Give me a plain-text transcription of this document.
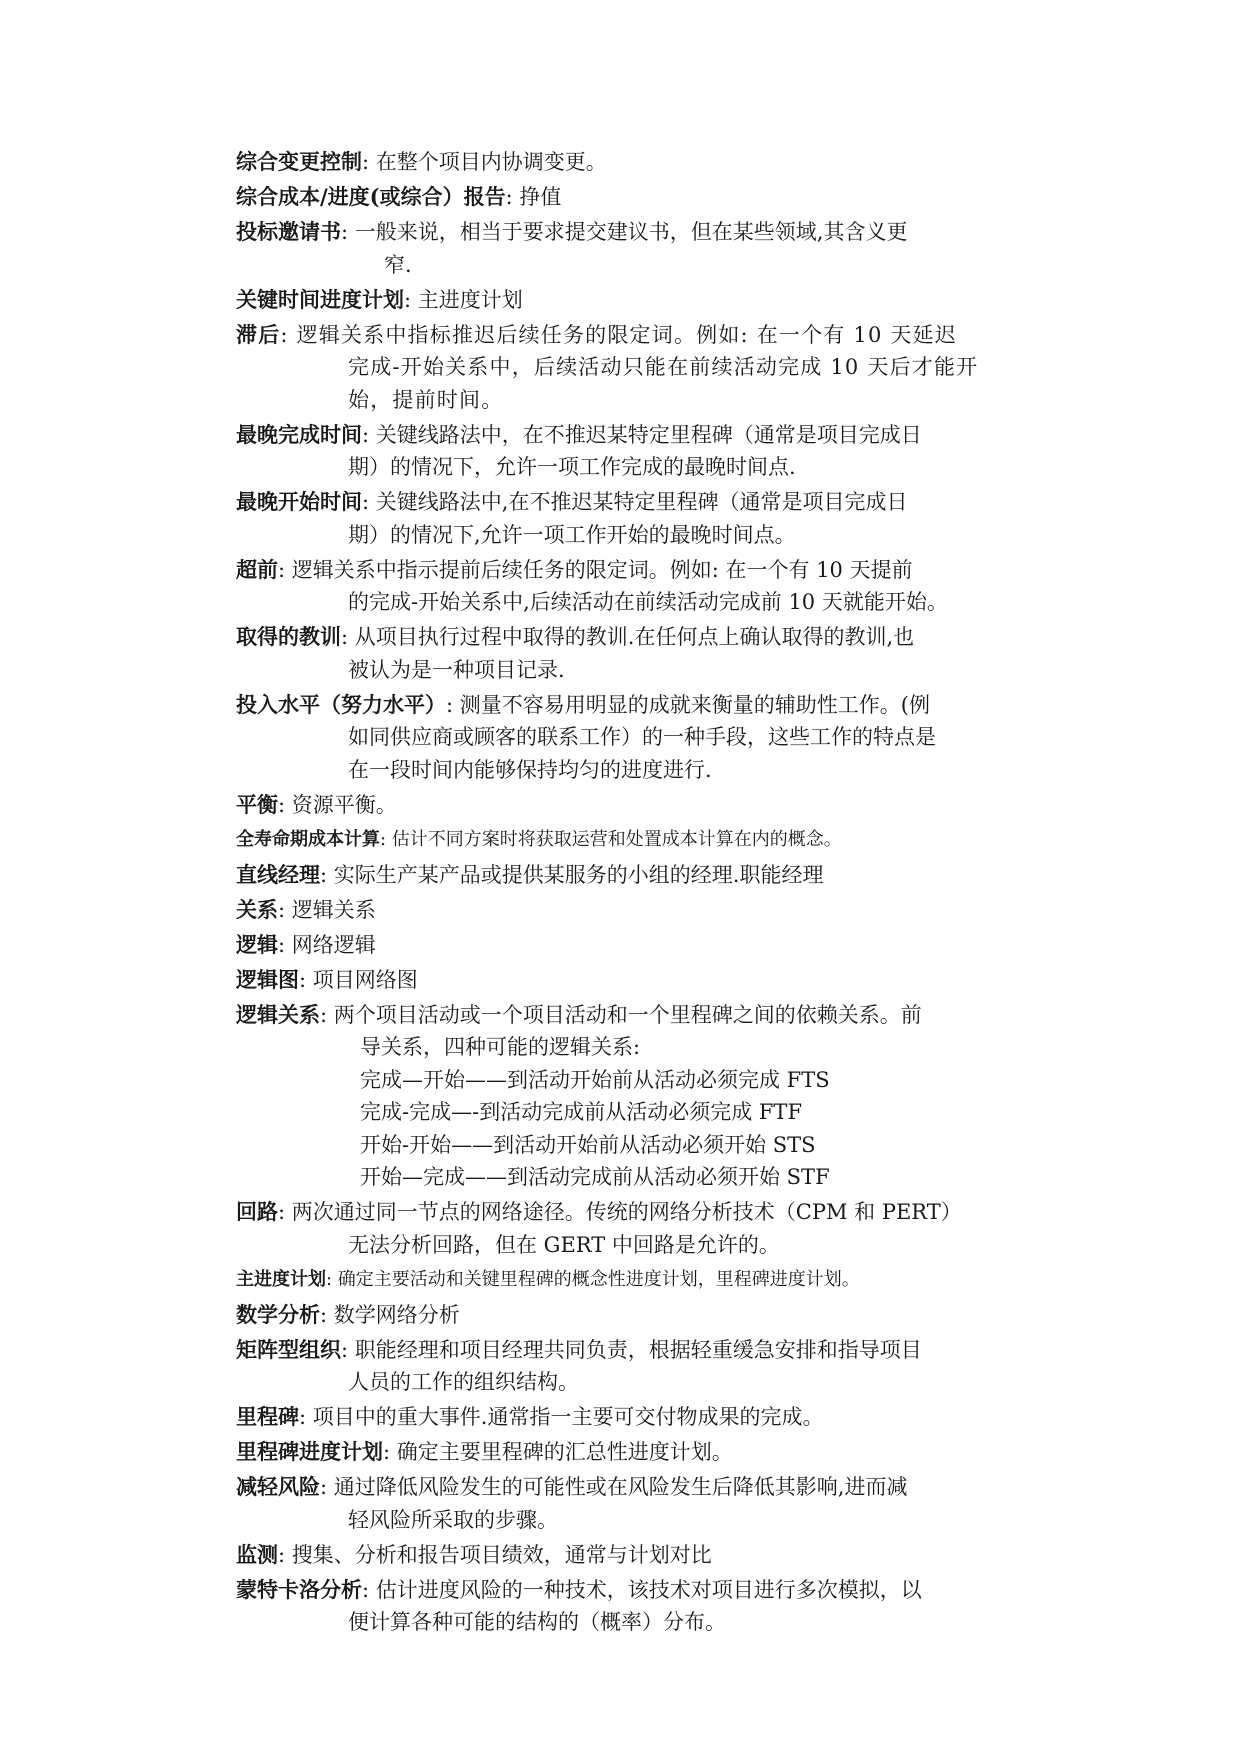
综合变更控制: 在整个项目内协调变更。
综合成本/进度(或综合）报告: 挣值
投标邀请书: 一般来说，相当于要求提交建议书，但在某些领域,其含义更
窄.
关键时间进度计划: 主进度计划
滞后: 逻辑关系中指标推迟后续任务的限定词。例如: 在一个有 10 天延迟
完成-开始关系中，后续活动只能在前续活动完成 10 天后才能开
始，提前时间。
最晚完成时间: 关键线路法中，在不推迟某特定里程碑（通常是项目完成日
期）的情况下，允许一项工作完成的最晚时间点.
最晚开始时间: 关键线路法中,在不推迟某特定里程碑（通常是项目完成日
期）的情况下,允许一项工作开始的最晚时间点。
超前: 逻辑关系中指示提前后续任务的限定词。例如: 在一个有 10 天提前
的完成-开始关系中,后续活动在前续活动完成前 10 天就能开始。
取得的教训: 从项目执行过程中取得的教训.在任何点上确认取得的教训,也
被认为是一种项目记录.
投入水平（努力水平）: 测量不容易用明显的成就来衡量的辅助性工作。(例
如同供应商或顾客的联系工作）的一种手段，这些工作的特点是
在一段时间内能够保持均匀的进度进行.
平衡: 资源平衡。
全寿命期成本计算: 估计不同方案时将获取运营和处置成本计算在内的概念。
直线经理: 实际生产某产品或提供某服务的小组的经理.职能经理
关系: 逻辑关系
逻辑: 网络逻辑
逻辑图: 项目网络图
逻辑关系: 两个项目活动或一个项目活动和一个里程碑之间的依赖关系。前
导关系，四种可能的逻辑关系:
完成—开始——到活动开始前从活动必须完成 FTS
完成-完成—-到活动完成前从活动必须完成 FTF
开始-开始——到活动开始前从活动必须开始 STS
开始—完成——到活动完成前从活动必须开始 STF
回路: 两次通过同一节点的网络途径。传统的网络分析技术（CPM 和 PERT）
无法分析回路，但在 GERT 中回路是允许的。
主进度计划: 确定主要活动和关键里程碑的概念性进度计划，里程碑进度计划。
数学分析: 数学网络分析
矩阵型组织: 职能经理和项目经理共同负责，根据轻重缓急安排和指导项目
人员的工作的组织结构。
里程碑: 项目中的重大事件.通常指一主要可交付物成果的完成。
里程碑进度计划: 确定主要里程碑的汇总性进度计划。
减轻风险: 通过降低风险发生的可能性或在风险发生后降低其影响,进而减
轻风险所采取的步骤。
监测: 搜集、分析和报告项目绩效，通常与计划对比
蒙特卡洛分析: 估计进度风险的一种技术，该技术对项目进行多次模拟，以
便计算各种可能的结构的（概率）分布。
